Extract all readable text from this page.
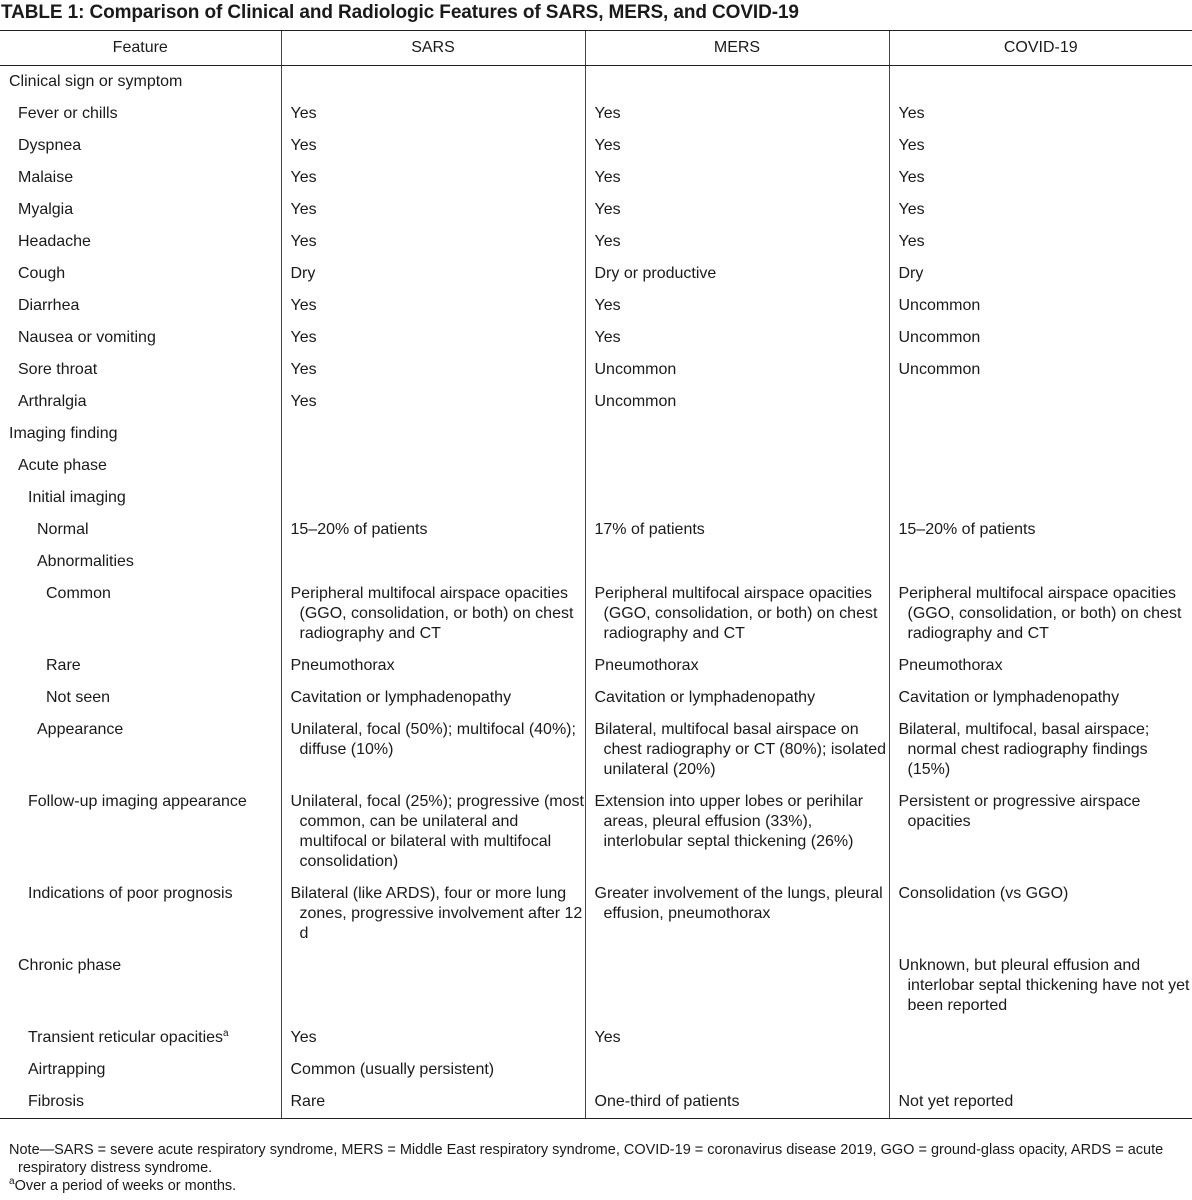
TABLE 1: Comparison of Clinical and Radiologic Features of SARS, MERS, and COVID-19
Feature	SARS	MERS	COVID-19
Clinical sign or symptom	

Fever or chills	Yes	Yes	Yes

Dyspnea	Yes	Yes	Yes

Malaise	Yes	Yes	Yes

Myalgia	Yes	Yes	Yes

Headache	Yes	Yes	Yes

Cough	Dry	Dry or productive	Dry

Diarrhea	Yes	Yes	Uncommon

Nausea or vomiting	Yes	Yes	Uncommon

Sore throat	Yes	Uncommon	Uncommon

Arthralgia	Yes	Uncommon	

Imaging finding	

Acute phase	

Initial imaging	

Normal	15–20% of patients	17% of patients	15–20% of patients

Abnormalities	

Common	Peripheral multifocal airspace opacities (GGO, consolidation, or both) on chest radiography and CT	Peripheral multifocal airspace opacities (GGO, consolidation, or both) on chest radiography and CT	Peripheral multifocal airspace opacities (GGO, consolidation, or both) on chest radiography and CT

Rare	Pneumothorax	Pneumothorax	Pneumothorax

Not seen	Cavitation or lymphadenopathy	Cavitation or lymphadenopathy	Cavitation or lymphadenopathy

Appearance	Unilateral, focal (50%); multifocal (40%); diffuse (10%)	Bilateral, multifocal basal airspace on chest radiography or CT (80%); isolated unilateral (20%)	Bilateral, multifocal, basal airspace; normal chest radiography findings (15%)

Follow-up imaging appearance	Unilateral, focal (25%); progressive (most common, can be unilateral and multifocal or bilateral with multifocal consolidation)	Extension into upper lobes or perihilar areas, pleural effusion (33%), interlobular septal thickening (26%)	Persistent or progressive airspace opacities

Indications of poor prognosis	Bilateral (like ARDS), four or more lung zones, progressive involvement after 12 d	Greater involvement of the lungs, pleural effusion, pneumothorax	Consolidation (vs GGO)

Chronic phase			Unknown, but pleural effusion and interlobar septal thickening have not yet been reported

Transient reticular opacities$^a$	Yes	Yes	

Airtrapping	Common (usually persistent)		

Fibrosis	Rare	One-third of patients	Not yet reported
Note—SARS = severe acute respiratory syndrome, MERS = Middle East respiratory syndrome, COVID-19 = coronavirus disease 2019, GGO = ground-glass opacity, ARDS = acute respiratory distress syndrome.
$^a$Over a period of weeks or months.
